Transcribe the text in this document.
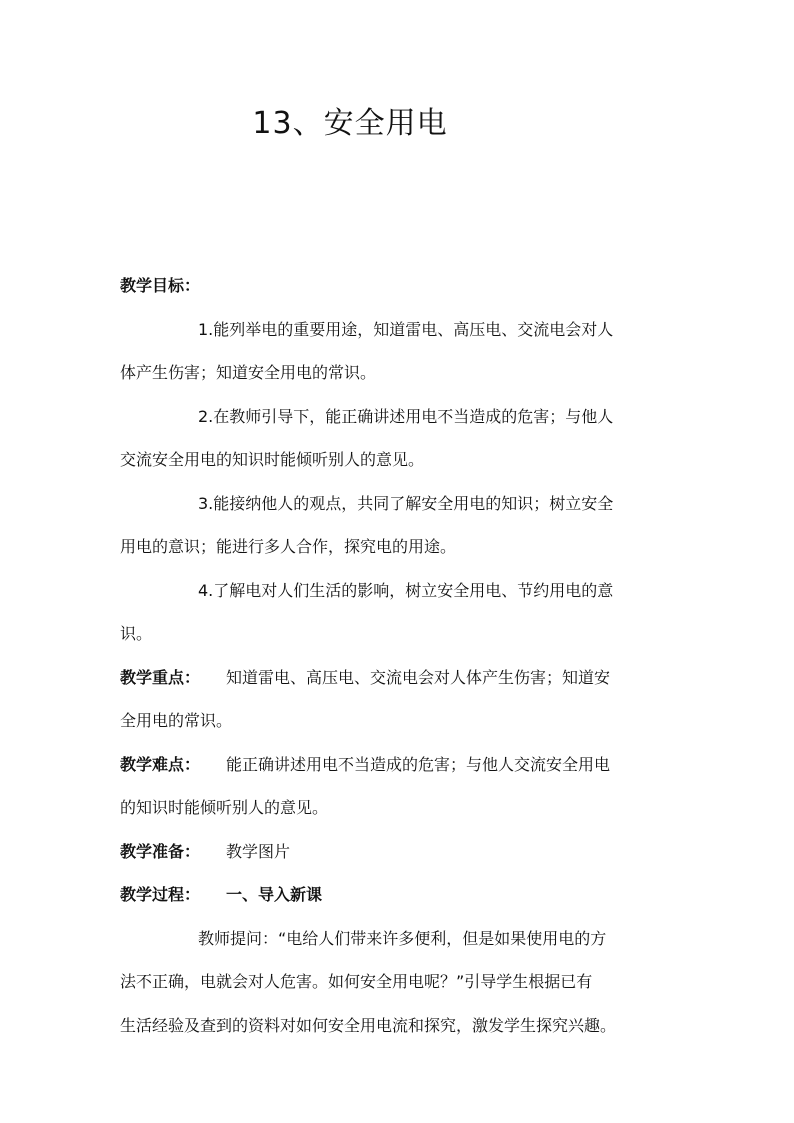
13、安全用电
教学目标：
1.能列举电的重要用途，知道雷电、高压电、交流电会对人
体产生伤害；知道安全用电的常识。
2.在教师引导下，能正确讲述用电不当造成的危害；与他人
交流安全用电的知识时能倾听别人的意见。
3.能接纳他人的观点，共同了解安全用电的知识；树立安全
用电的意识；能进行多人合作，探究电的用途。
4.了解电对人们生活的影响，树立安全用电、节约用电的意
识。
教学重点： 知道雷电、高压电、交流电会对人体产生伤害；知道安
全用电的常识。
教学难点： 能正确讲述用电不当造成的危害；与他人交流安全用电
的知识时能倾听别人的意见。
教学准备： 教学图片
教学过程： 一、导入新课
教师提问：“电给人们带来许多便利，但是如果使用电的方
法不正确，电就会对人危害。如何安全用电呢？”引导学生根据已有
生活经验及查到的资料对如何安全用电流和探究，激发学生探究兴趣。
